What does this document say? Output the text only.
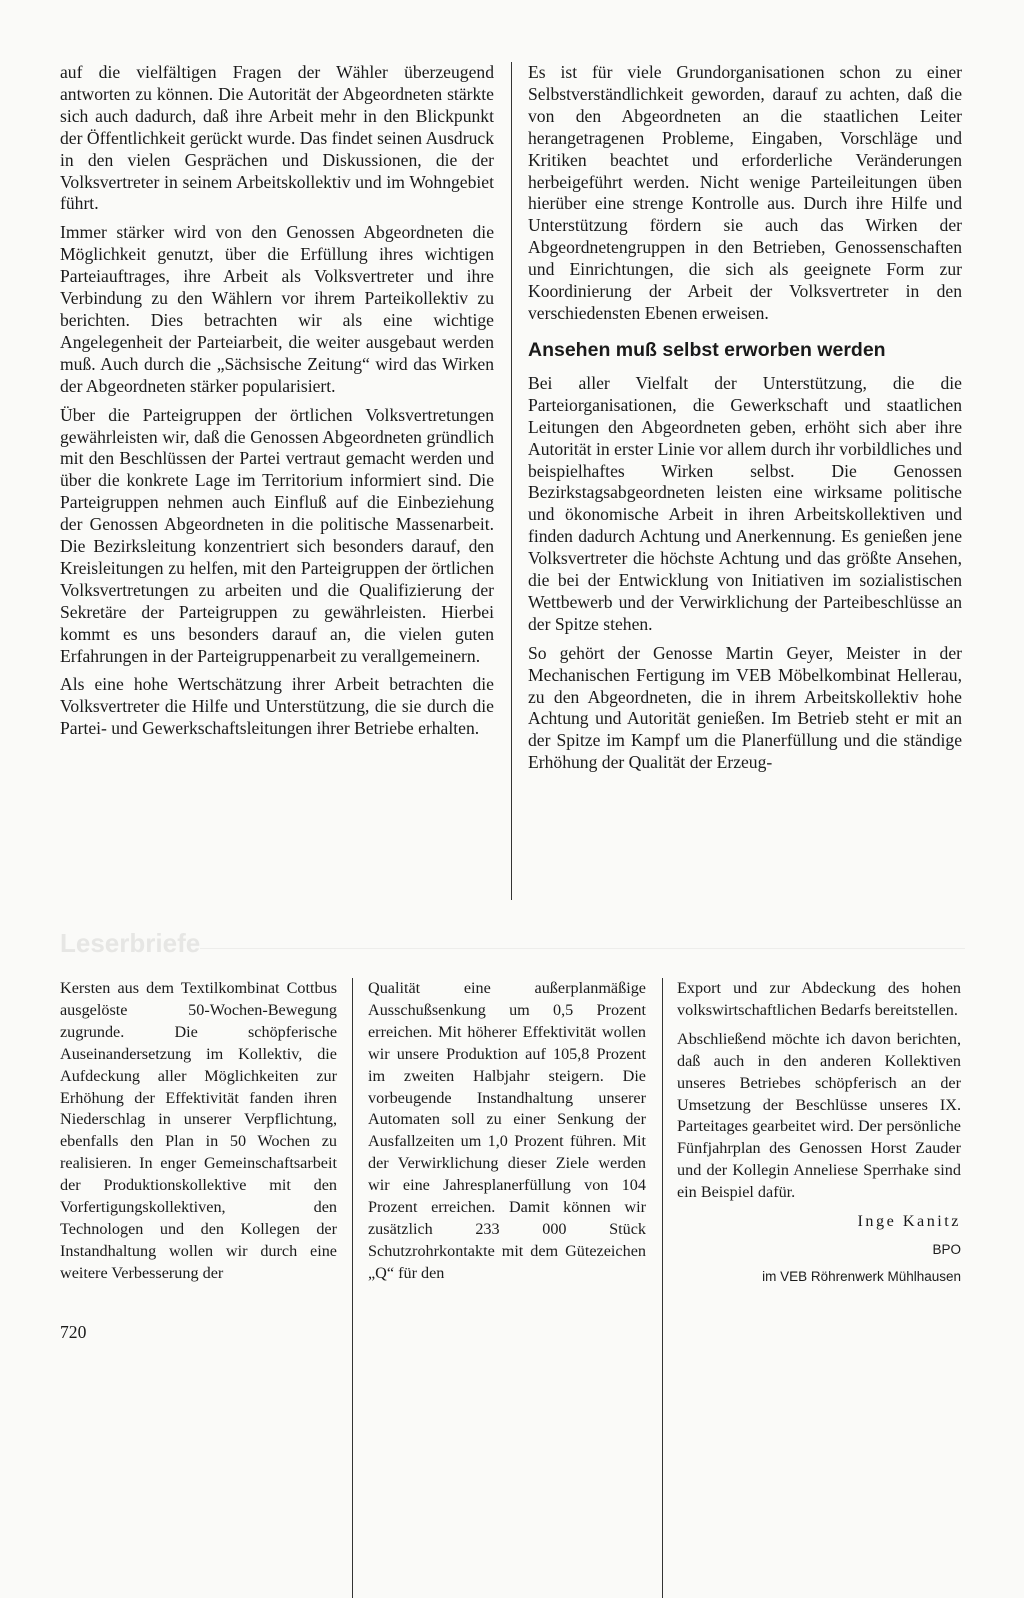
auf die vielfältigen Fragen der Wähler überzeugend antworten zu können. Die Autorität der Abgeordneten stärkte sich auch dadurch, daß ihre Arbeit mehr in den Blickpunkt der Öffentlichkeit gerückt wurde. Das findet seinen Ausdruck in den vielen Gesprächen und Diskussionen, die der Volksvertreter in seinem Arbeitskollektiv und im Wohngebiet führt.

Immer stärker wird von den Genossen Abgeordneten die Möglichkeit genutzt, über die Erfüllung ihres wichtigen Parteiauftrages, ihre Arbeit als Volksvertreter und ihre Verbindung zu den Wählern vor ihrem Parteikollektiv zu berichten. Dies betrachten wir als eine wichtige Angelegenheit der Parteiarbeit, die weiter ausgebaut werden muß. Auch durch die „Sächsische Zeitung“ wird das Wirken der Abgeordneten stärker popularisiert.

Über die Parteigruppen der örtlichen Volksvertretungen gewährleisten wir, daß die Genossen Abgeordneten gründlich mit den Beschlüssen der Partei vertraut gemacht werden und über die konkrete Lage im Territorium informiert sind. Die Parteigruppen nehmen auch Einfluß auf die Einbeziehung der Genossen Abgeordneten in die politische Massenarbeit. Die Bezirksleitung konzentriert sich besonders darauf, den Kreisleitungen zu helfen, mit den Parteigruppen der örtlichen Volksvertretungen zu arbeiten und die Qualifizierung der Sekretäre der Parteigruppen zu gewährleisten. Hierbei kommt es uns besonders darauf an, die vielen guten Erfahrungen in der Parteigruppenarbeit zu verallgemeinern.

Als eine hohe Wertschätzung ihrer Arbeit betrachten die Volksvertreter die Hilfe und Unterstützung, die sie durch die Partei- und Gewerkschaftsleitungen ihrer Betriebe erhalten.

Es ist für viele Grundorganisationen schon zu einer Selbstverständlichkeit geworden, darauf zu achten, daß die von den Abgeordneten an die staatlichen Leiter herangetragenen Probleme, Eingaben, Vorschläge und Kritiken beachtet und erforderliche Veränderungen herbeigeführt werden. Nicht wenige Parteileitungen üben hierüber eine strenge Kontrolle aus. Durch ihre Hilfe und Unterstützung fördern sie auch das Wirken der Abgeordnetengruppen in den Betrieben, Genossenschaften und Einrichtungen, die sich als geeignete Form zur Koordinierung der Arbeit der Volksvertreter in den verschiedensten Ebenen erweisen.

Ansehen muß selbst erworben werden

Bei aller Vielfalt der Unterstützung, die die Parteiorganisationen, die Gewerkschaft und staatlichen Leitungen den Abgeordneten geben, erhöht sich aber ihre Autorität in erster Linie vor allem durch ihr vorbildliches und beispielhaftes Wirken selbst. Die Genossen Bezirkstagsabgeordneten leisten eine wirksame politische und ökonomische Arbeit in ihren Arbeitskollektiven und finden dadurch Achtung und Anerkennung. Es genießen jene Volksvertreter die höchste Achtung und das größte Ansehen, die bei der Entwicklung von Initiativen im sozialistischen Wettbewerb und der Verwirklichung der Parteibeschlüsse an der Spitze stehen.

So gehört der Genosse Martin Geyer, Meister in der Mechanischen Fertigung im VEB Möbelkombinat Hellerau, zu den Abgeordneten, die in ihrem Arbeitskollektiv hohe Achtung und Autorität genießen. Im Betrieb steht er mit an der Spitze im Kampf um die Planerfüllung und die ständige Erhöhung der Qualität der Erzeug-

Leserbriefe

Kersten aus dem Textilkombinat Cottbus ausgelöste 50-Wochen-Bewegung zugrunde. Die schöpferische Auseinandersetzung im Kollektiv, die Aufdeckung aller Möglichkeiten zur Erhöhung der Effektivität fanden ihren Niederschlag in unserer Verpflichtung, ebenfalls den Plan in 50 Wochen zu realisieren. In enger Gemeinschaftsarbeit der Produktionskollektive mit den Vorfertigungskollektiven, den Technologen und den Kollegen der Instandhaltung wollen wir durch eine weitere Verbesserung der

Qualität eine außerplanmäßige Ausschußsenkung um 0,5 Prozent erreichen. Mit höherer Effektivität wollen wir unsere Produktion auf 105,8 Prozent im zweiten Halbjahr steigern. Die vorbeugende Instandhaltung unserer Automaten soll zu einer Senkung der Ausfallzeiten um 1,0 Prozent führen. Mit der Verwirklichung dieser Ziele werden wir eine Jahresplanerfüllung von 104 Prozent erreichen. Damit können wir zusätzlich 233 000 Stück Schutzrohrkontakte mit dem Gütezeichen „Q“ für den

Export und zur Abdeckung des hohen volkswirtschaftlichen Bedarfs bereitstellen.

Abschließend möchte ich davon berichten, daß auch in den anderen Kollektiven unseres Betriebes schöpferisch an der Umsetzung der Beschlüsse unseres IX. Parteitages gearbeitet wird. Der persönliche Fünfjahrplan des Genossen Horst Zauder und der Kollegin Anneliese Sperrhake sind ein Beispiel dafür.

Inge Kanitz

BPO

im VEB Röhrenwerk Mühlhausen

720
